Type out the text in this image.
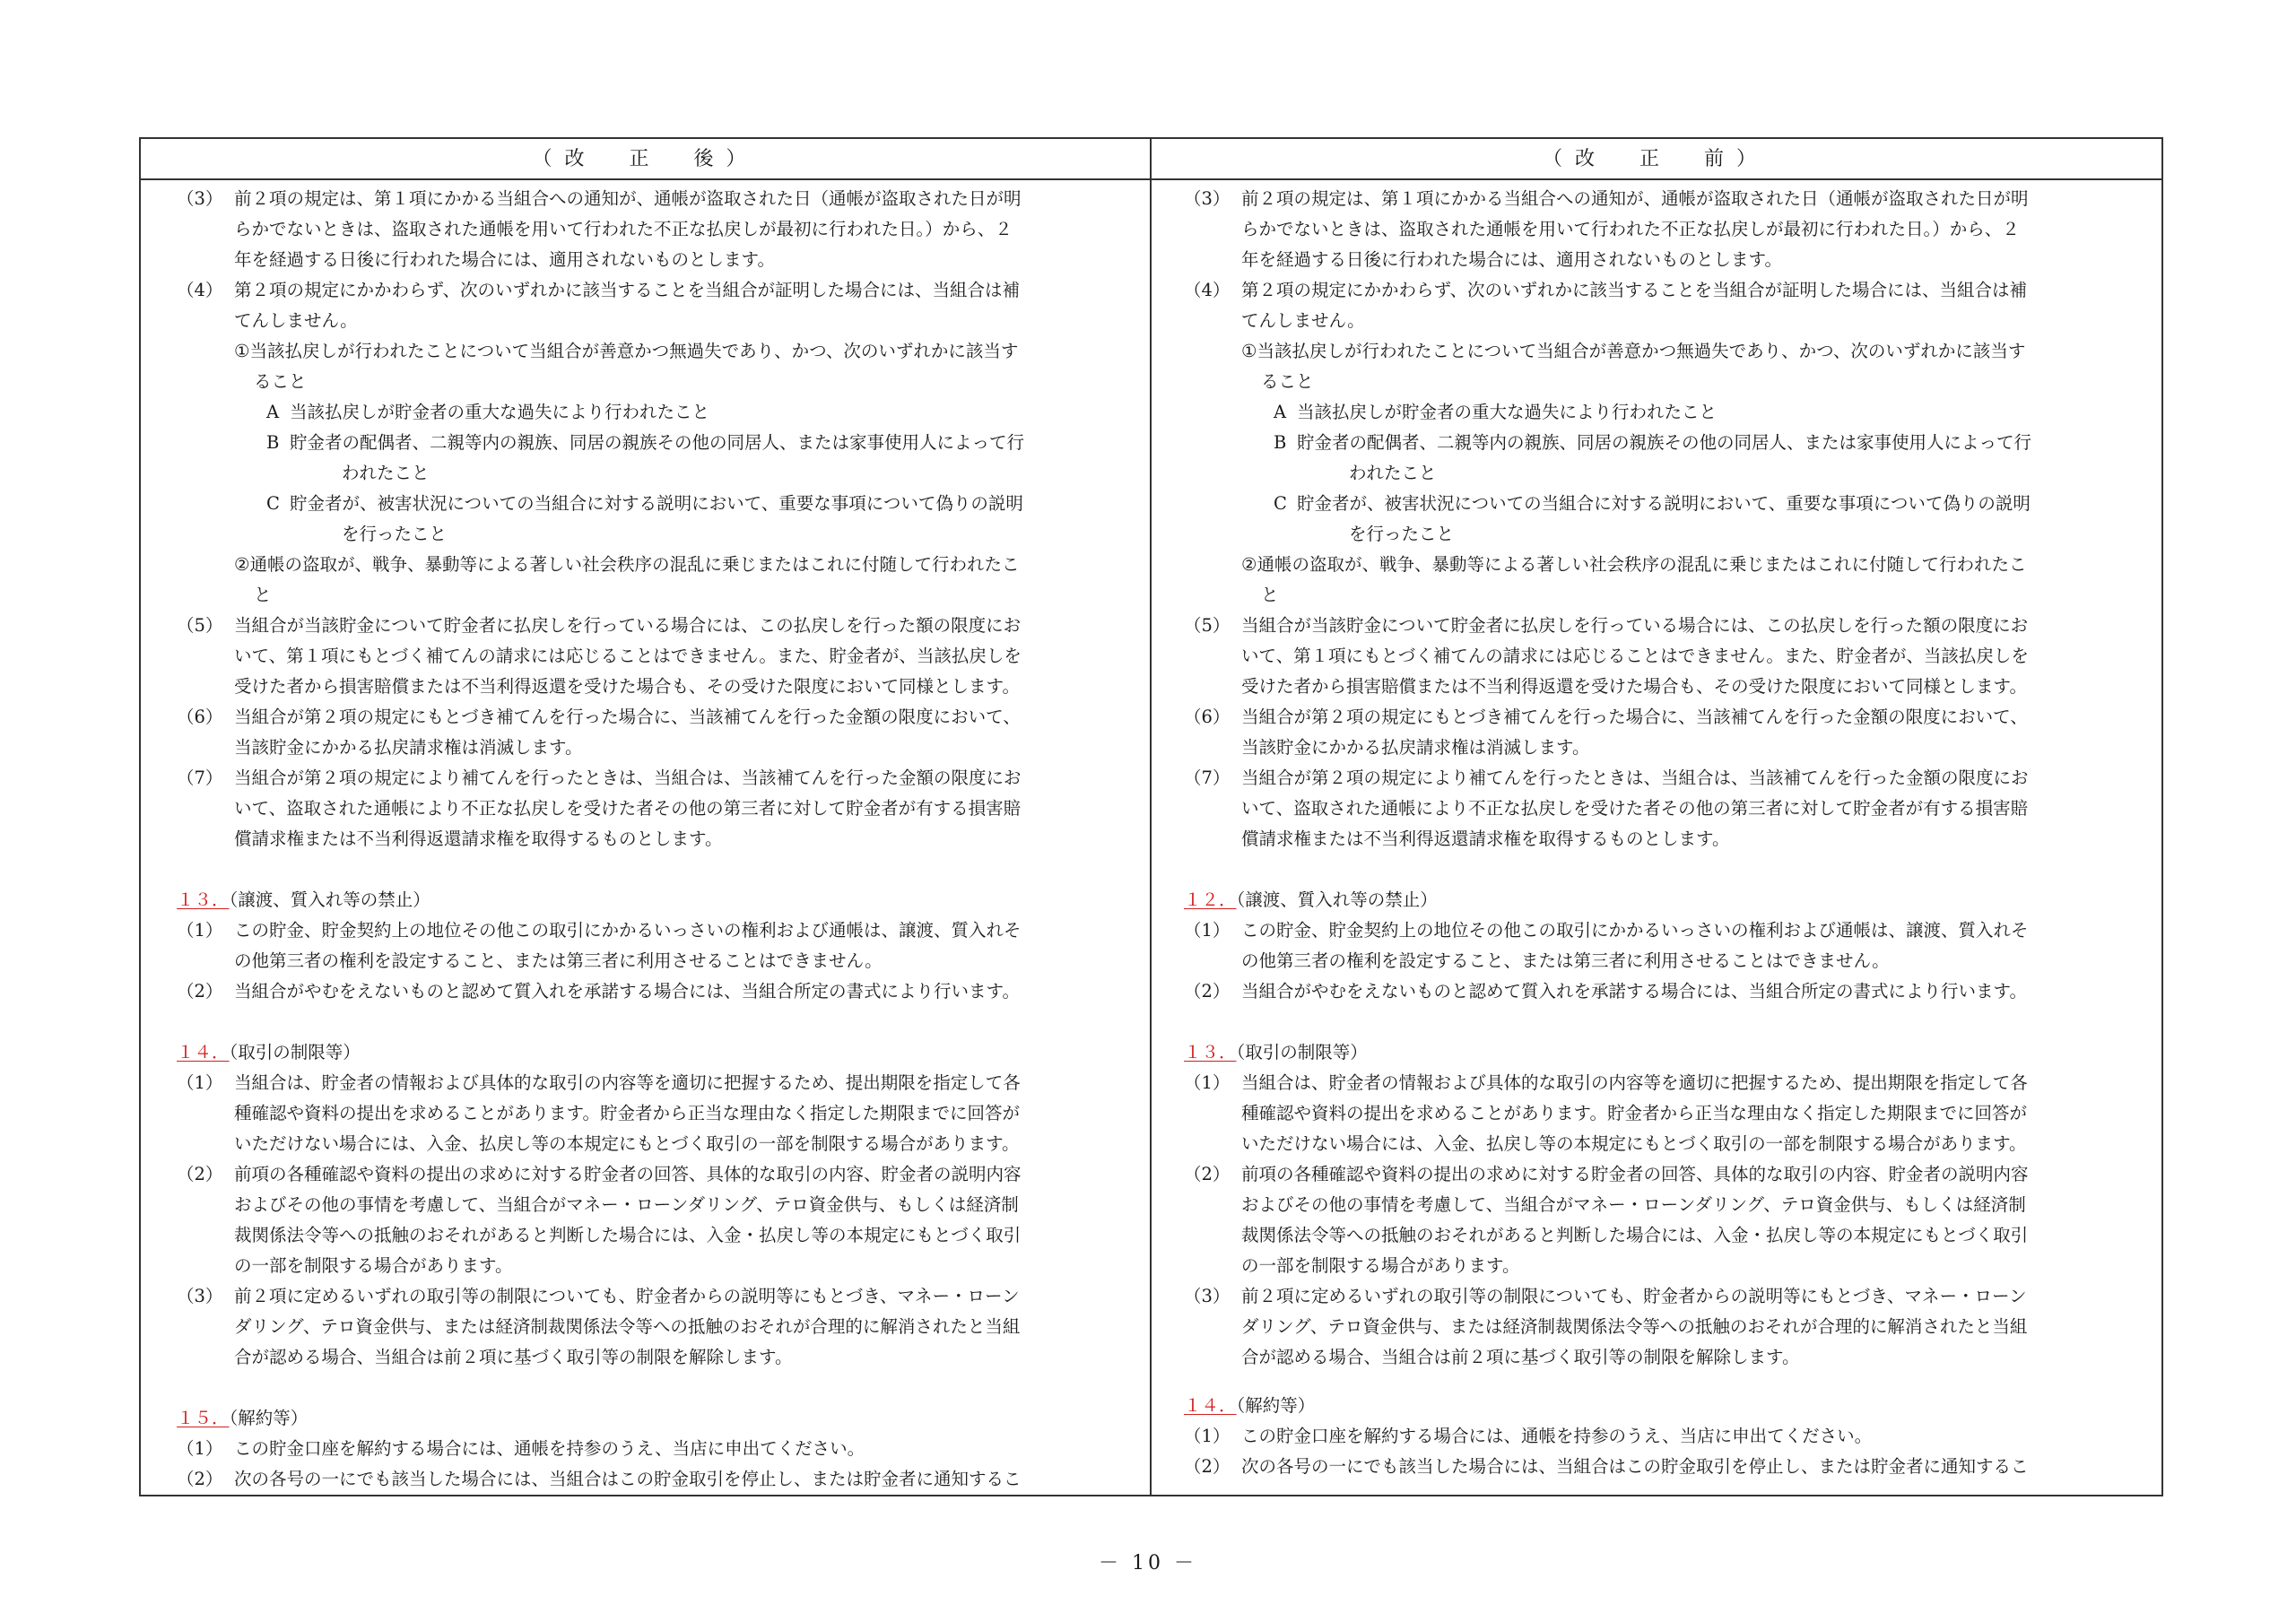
（改　正　後）	（改　正　前）
（3） 前２項の規定は、第１項にかかる当組合への通知が、通帳が盗取された日（通帳が盗取された日が明
らかでないときは、盗取された通帳を用いて行われた不正な払戻しが最初に行われた日。）から、２
年を経過する日後に行われた場合には、適用されないものとします。
（4） 第２項の規定にかかわらず、次のいずれかに該当することを当組合が証明した場合には、当組合は補
てんしません。
①当該払戻しが行われたことについて当組合が善意かつ無過失であり、かつ、次のいずれかに該当す
ること
A 当該払戻しが貯金者の重大な過失により行われたこと
B 貯金者の配偶者、二親等内の親族、同居の親族その他の同居人、または家事使用人によって行
われたこと
C 貯金者が、被害状況についての当組合に対する説明において、重要な事項について偽りの説明
を行ったこと
②通帳の盗取が、戦争、暴動等による著しい社会秩序の混乱に乗じまたはこれに付随して行われたこ
と
（5） 当組合が当該貯金について貯金者に払戻しを行っている場合には、この払戻しを行った額の限度にお
いて、第１項にもとづく補てんの請求には応じることはできません。また、貯金者が、当該払戻しを
受けた者から損害賠償または不当利得返還を受けた場合も、その受けた限度において同様とします。
（6） 当組合が第２項の規定にもとづき補てんを行った場合に、当該補てんを行った金額の限度において、
当該貯金にかかる払戻請求権は消滅します。
（7） 当組合が第２項の規定により補てんを行ったときは、当組合は、当該補てんを行った金額の限度にお
いて、盗取された通帳により不正な払戻しを受けた者その他の第三者に対して貯金者が有する損害賠
償請求権または不当利得返還請求権を取得するものとします。
１３．（譲渡、質入れ等の禁止）
（1） この貯金、貯金契約上の地位その他この取引にかかるいっさいの権利および通帳は、譲渡、質入れそ
の他第三者の権利を設定すること、または第三者に利用させることはできません。
（2） 当組合がやむをえないものと認めて質入れを承諾する場合には、当組合所定の書式により行います。
１４．（取引の制限等）
（1） 当組合は、貯金者の情報および具体的な取引の内容等を適切に把握するため、提出期限を指定して各
種確認や資料の提出を求めることがあります。貯金者から正当な理由なく指定した期限までに回答が
いただけない場合には、入金、払戻し等の本規定にもとづく取引の一部を制限する場合があります。
（2） 前項の各種確認や資料の提出の求めに対する貯金者の回答、具体的な取引の内容、貯金者の説明内容
およびその他の事情を考慮して、当組合がマネー・ローンダリング、テロ資金供与、もしくは経済制
裁関係法令等への抵触のおそれがあると判断した場合には、入金・払戻し等の本規定にもとづく取引
の一部を制限する場合があります。
（3） 前２項に定めるいずれの取引等の制限についても、貯金者からの説明等にもとづき、マネー・ローン
ダリング、テロ資金供与、または経済制裁関係法令等への抵触のおそれが合理的に解消されたと当組
合が認める場合、当組合は前２項に基づく取引等の制限を解除します。
１５．（解約等）
（1） この貯金口座を解約する場合には、通帳を持参のうえ、当店に申出てください。
（2） 次の各号の一にでも該当した場合には、当組合はこの貯金取引を停止し、または貯金者に通知するこ
（3） 前２項の規定は、第１項にかかる当組合への通知が、通帳が盗取された日（通帳が盗取された日が明
らかでないときは、盗取された通帳を用いて行われた不正な払戻しが最初に行われた日。）から、２
年を経過する日後に行われた場合には、適用されないものとします。
（4） 第２項の規定にかかわらず、次のいずれかに該当することを当組合が証明した場合には、当組合は補
てんしません。
①当該払戻しが行われたことについて当組合が善意かつ無過失であり、かつ、次のいずれかに該当す
ること
A 当該払戻しが貯金者の重大な過失により行われたこと
B 貯金者の配偶者、二親等内の親族、同居の親族その他の同居人、または家事使用人によって行
われたこと
C 貯金者が、被害状況についての当組合に対する説明において、重要な事項について偽りの説明
を行ったこと
②通帳の盗取が、戦争、暴動等による著しい社会秩序の混乱に乗じまたはこれに付随して行われたこ
と
（5） 当組合が当該貯金について貯金者に払戻しを行っている場合には、この払戻しを行った額の限度にお
いて、第１項にもとづく補てんの請求には応じることはできません。また、貯金者が、当該払戻しを
受けた者から損害賠償または不当利得返還を受けた場合も、その受けた限度において同様とします。
（6） 当組合が第２項の規定にもとづき補てんを行った場合に、当該補てんを行った金額の限度において、
当該貯金にかかる払戻請求権は消滅します。
（7） 当組合が第２項の規定により補てんを行ったときは、当組合は、当該補てんを行った金額の限度にお
いて、盗取された通帳により不正な払戻しを受けた者その他の第三者に対して貯金者が有する損害賠
償請求権または不当利得返還請求権を取得するものとします。
１２．（譲渡、質入れ等の禁止）
（1） この貯金、貯金契約上の地位その他この取引にかかるいっさいの権利および通帳は、譲渡、質入れそ
の他第三者の権利を設定すること、または第三者に利用させることはできません。
（2） 当組合がやむをえないものと認めて質入れを承諾する場合には、当組合所定の書式により行います。
１３．（取引の制限等）
（1） 当組合は、貯金者の情報および具体的な取引の内容等を適切に把握するため、提出期限を指定して各
種確認や資料の提出を求めることがあります。貯金者から正当な理由なく指定した期限までに回答が
いただけない場合には、入金、払戻し等の本規定にもとづく取引の一部を制限する場合があります。
（2） 前項の各種確認や資料の提出の求めに対する貯金者の回答、具体的な取引の内容、貯金者の説明内容
およびその他の事情を考慮して、当組合がマネー・ローンダリング、テロ資金供与、もしくは経済制
裁関係法令等への抵触のおそれがあると判断した場合には、入金・払戻し等の本規定にもとづく取引
の一部を制限する場合があります。
（3） 前２項に定めるいずれの取引等の制限についても、貯金者からの説明等にもとづき、マネー・ローン
ダリング、テロ資金供与、または経済制裁関係法令等への抵触のおそれが合理的に解消されたと当組
合が認める場合、当組合は前２項に基づく取引等の制限を解除します。
１４．（解約等）
（1） この貯金口座を解約する場合には、通帳を持参のうえ、当店に申出てください。
（2） 次の各号の一にでも該当した場合には、当組合はこの貯金取引を停止し、または貯金者に通知するこ
－ 10 －
